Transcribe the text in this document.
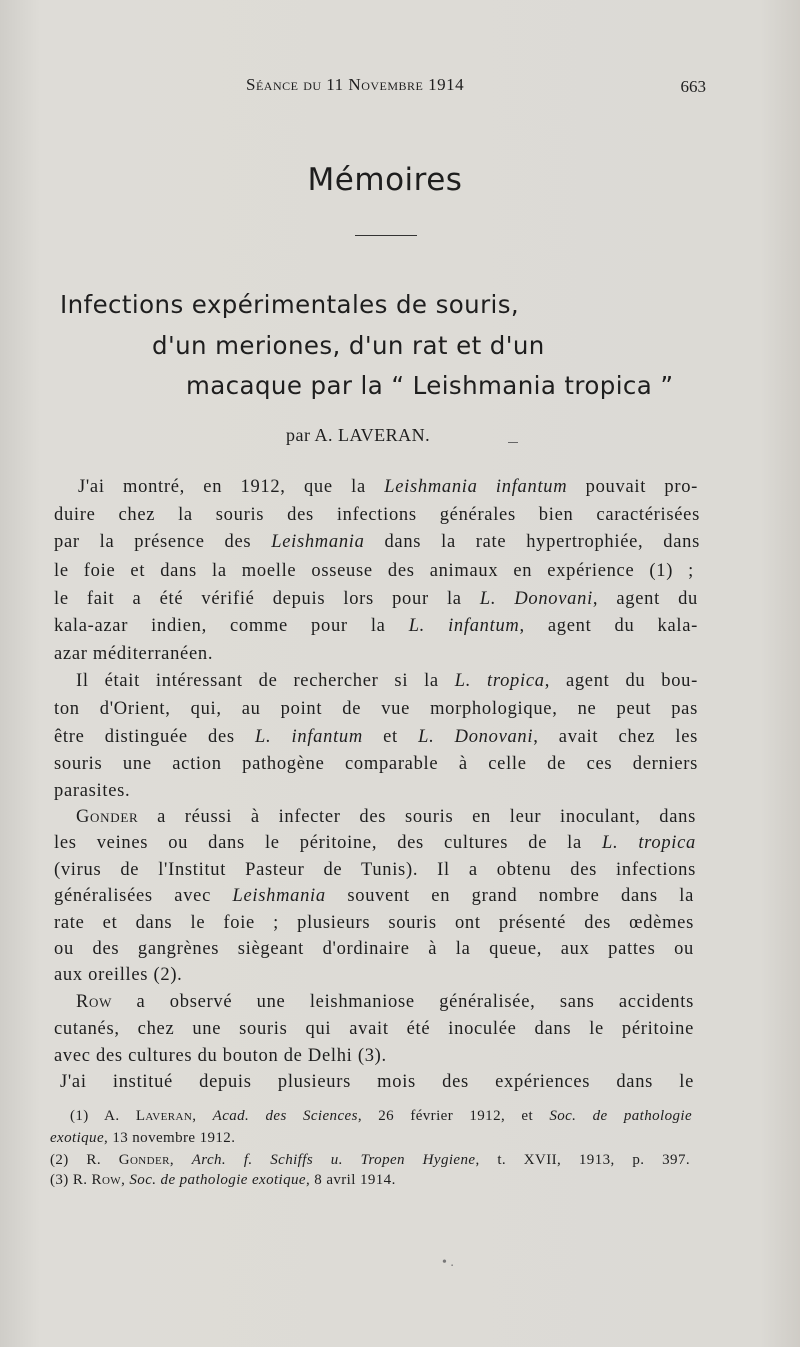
Séance du 11 Novembre 1914	663
Mémoires
Infections expérimentales de souris,
d'un meriones, d'un rat et d'un
macaque par la “ Leishmania tropica ”
par A. LAVERAN.
J'ai montré, en 1912, que la Leishmania infantum pouvait pro-
duire chez la souris des infections générales bien caractérisées
par la présence des Leishmania dans la rate hypertrophiée, dans
le foie et dans la moelle osseuse des animaux en expérience (1) ;
le fait a été vérifié depuis lors pour la L. Donovani, agent du
kala-azar indien, comme pour la L. infantum, agent du kala-
azar méditerranéen.
Il était intéressant de rechercher si la L. tropica, agent du bou-
ton d'Orient, qui, au point de vue morphologique, ne peut pas
être distinguée des L. infantum et L. Donovani, avait chez les
souris une action pathogène comparable à celle de ces derniers
parasites.
Gonder a réussi à infecter des souris en leur inoculant, dans
les veines ou dans le péritoine, des cultures de la L. tropica
(virus de l'Institut Pasteur de Tunis). Il a obtenu des infections
généralisées avec Leishmania souvent en grand nombre dans la
rate et dans le foie ; plusieurs souris ont présenté des œdèmes
ou des gangrènes siègeant d'ordinaire à la queue, aux pattes ou
aux oreilles (2).
Row a observé une leishmaniose généralisée, sans accidents
cutanés, chez une souris qui avait été inoculée dans le péritoine
avec des cultures du bouton de Delhi (3).
J'ai institué depuis plusieurs mois des expériences dans le
(1) A. Laveran, Acad. des Sciences, 26 février 1912, et Soc. de pathologie
exotique, 13 novembre 1912.
(2) R. Gonder, Arch. f. Schiffs u. Tropen Hygiene, t. XVII, 1913, p. 397.
(3) R. Row, Soc. de pathologie exotique, 8 avril 1914.
• .
